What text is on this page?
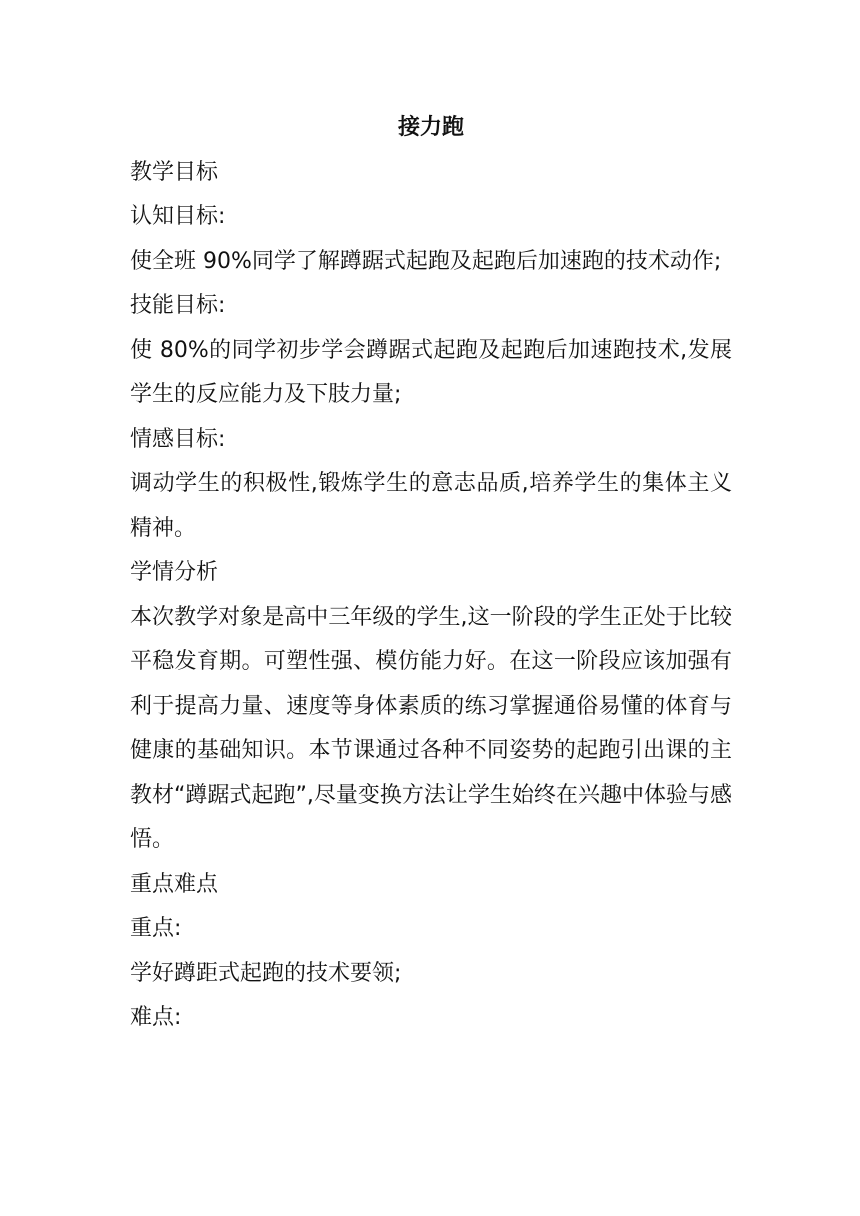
接力跑
教学目标
认知目标:
使全班 90%同学了解蹲踞式起跑及起跑后加速跑的技术动作;
技能目标:
使 80%的同学初步学会蹲踞式起跑及起跑后加速跑技术,发展学生的反应能力及下肢力量;
情感目标:
调动学生的积极性,锻炼学生的意志品质,培养学生的集体主义精神。
学情分析
本次教学对象是高中三年级的学生,这一阶段的学生正处于比较平稳发育期。可塑性强、模仿能力好。在这一阶段应该加强有利于提高力量、速度等身体素质的练习掌握通俗易懂的体育与健康的基础知识。本节课通过各种不同姿势的起跑引出课的主教材“蹲踞式起跑”,尽量变换方法让学生始终在兴趣中体验与感悟。
重点难点
重点:
学好蹲距式起跑的技术要领;
难点:
